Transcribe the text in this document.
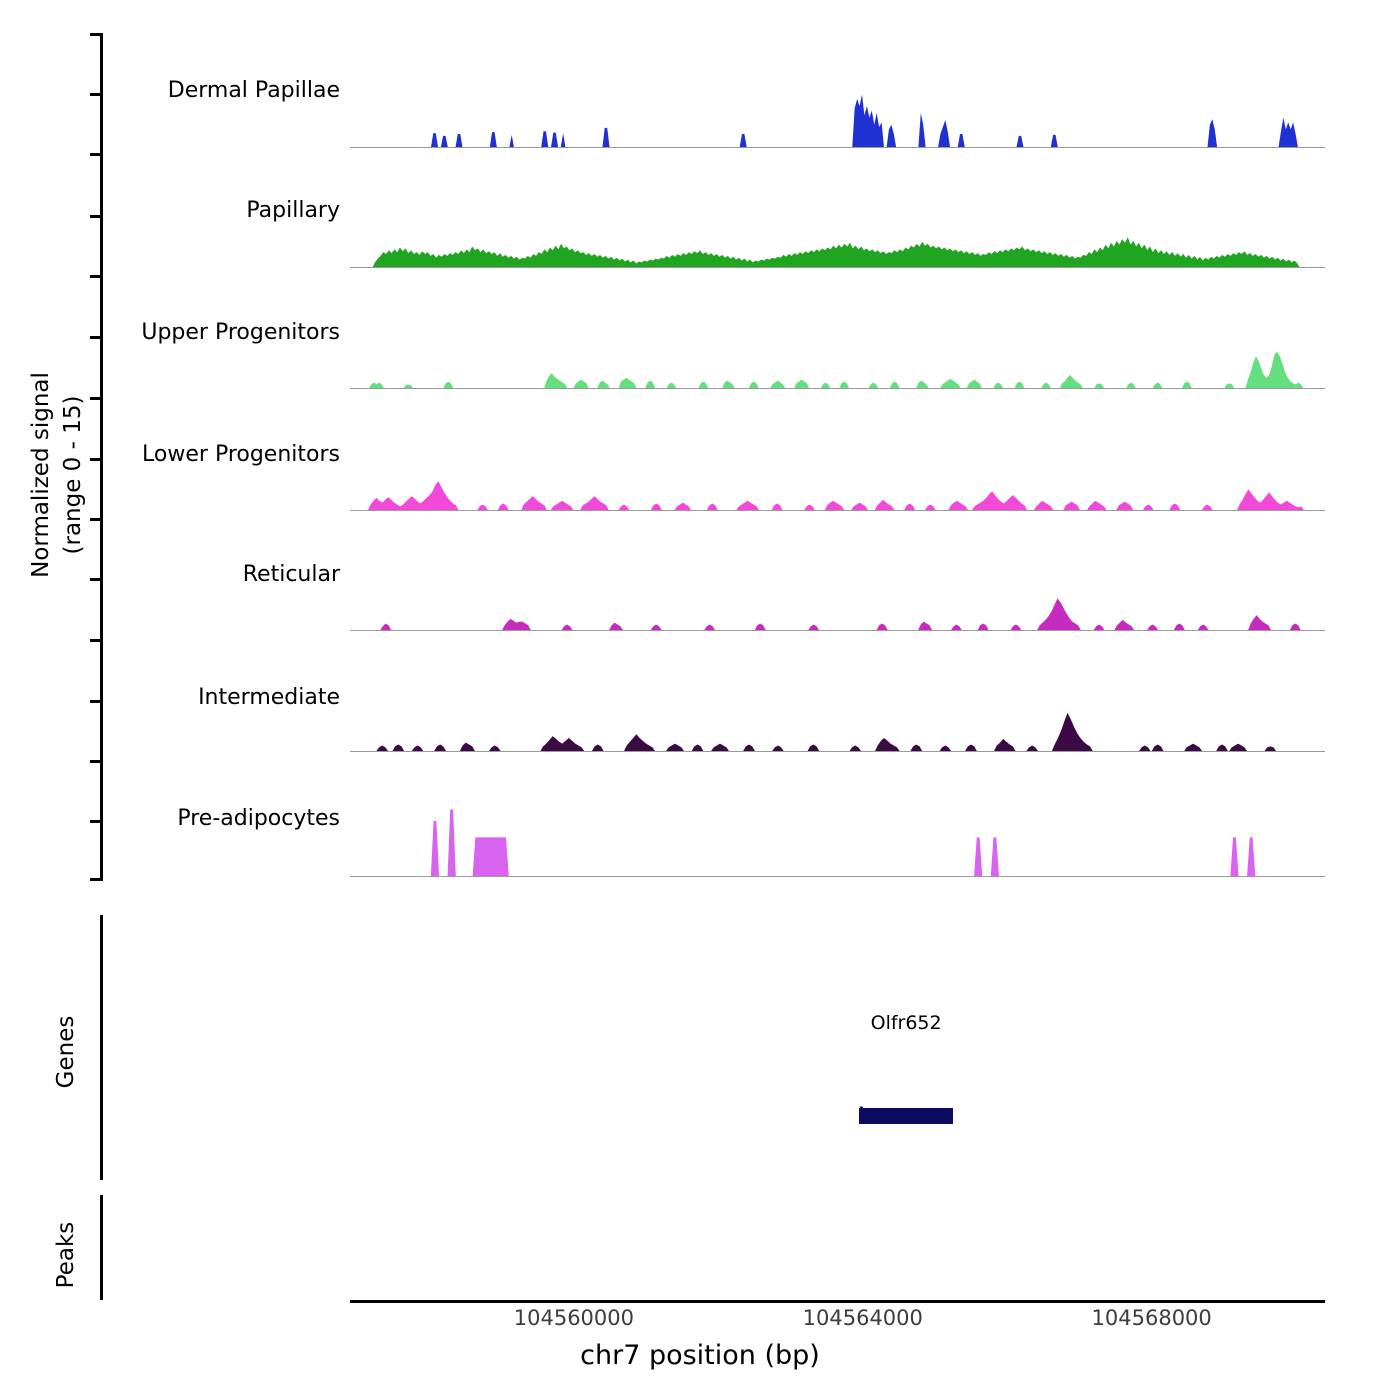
Normalized signal (range 0 - 15)
Genes
Peaks
Dermal Papillae
Papillary
Upper Progenitors
Lower Progenitors
Reticular
Intermediate
Pre-adipocytes
Olfr652
104560000	104564000	104568000
chr7 position (bp)
❯
